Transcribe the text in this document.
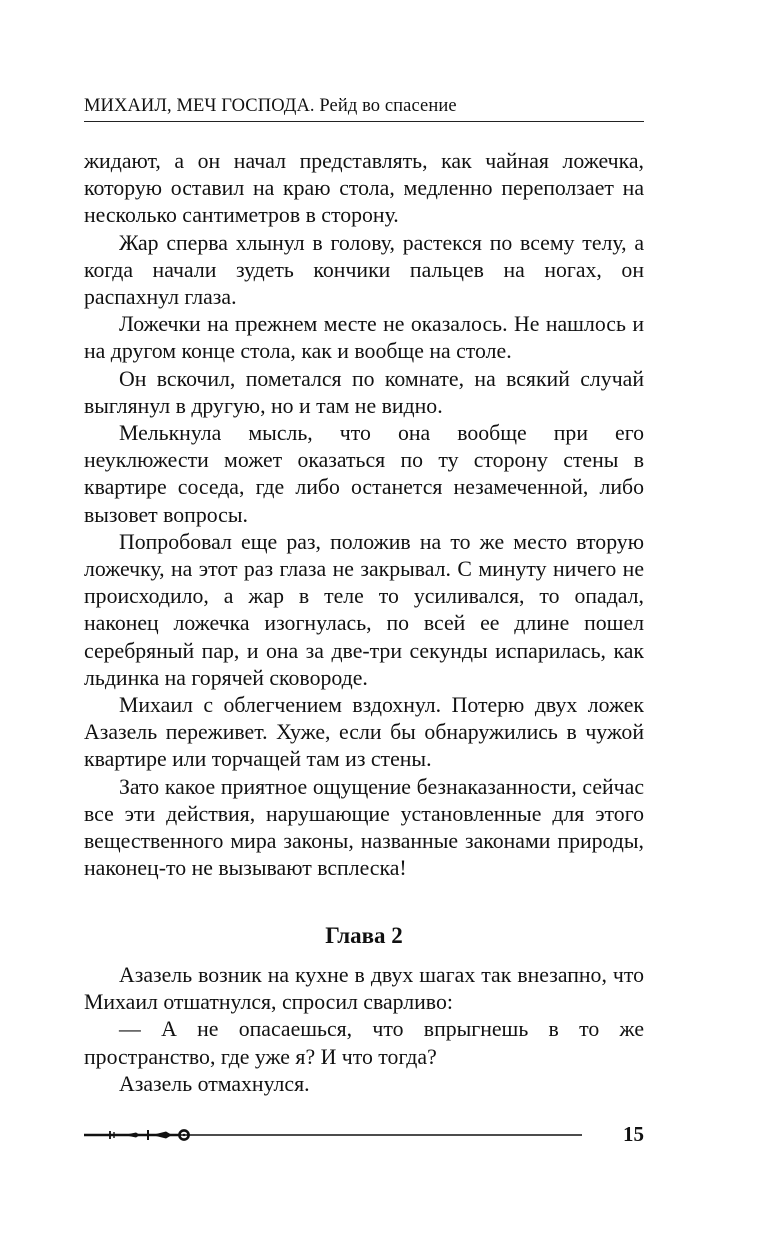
МИХАИЛ, МЕЧ ГОСПОДА. Рейд во спасение

жидают, а он начал представлять, как чайная ложечка, которую оставил на краю стола, медленно переползает на несколько сантиметров в сторону.

Жар сперва хлынул в голову, растекся по всему телу, а когда начали зудеть кончики пальцев на ногах, он распахнул глаза.

Ложечки на прежнем месте не оказалось. Не нашлось и на другом конце стола, как и вообще на столе.

Он вскочил, пометался по комнате, на всякий случай выглянул в другую, но и там не видно.

Мелькнула мысль, что она вообще при его неуклюжести может оказаться по ту сторону стены в квартире соседа, где либо останется незамеченной, либо вызовет вопросы.

Попробовал еще раз, положив на то же место вторую ложечку, на этот раз глаза не закрывал. С минуту ничего не происходило, а жар в теле то усиливался, то опадал, наконец ложечка изогнулась, по всей ее длине пошел серебряный пар, и она за две-три секунды испарилась, как льдинка на горячей сковороде.

Михаил с облегчением вздохнул. Потерю двух ложек Азазель переживет. Хуже, если бы обнаружились в чужой квартире или торчащей там из стены.

Зато какое приятное ощущение безнаказанности, сейчас все эти действия, нарушающие установленные для этого вещественного мира законы, названные законами природы, наконец-то не вызывают всплеска!

Глава 2

Азазель возник на кухне в двух шагах так внезапно, что Михаил отшатнулся, спросил сварливо:

— А не опасаешься, что впрыгнешь в то же пространство, где уже я? И что тогда?

Азазель отмахнулся.

15
